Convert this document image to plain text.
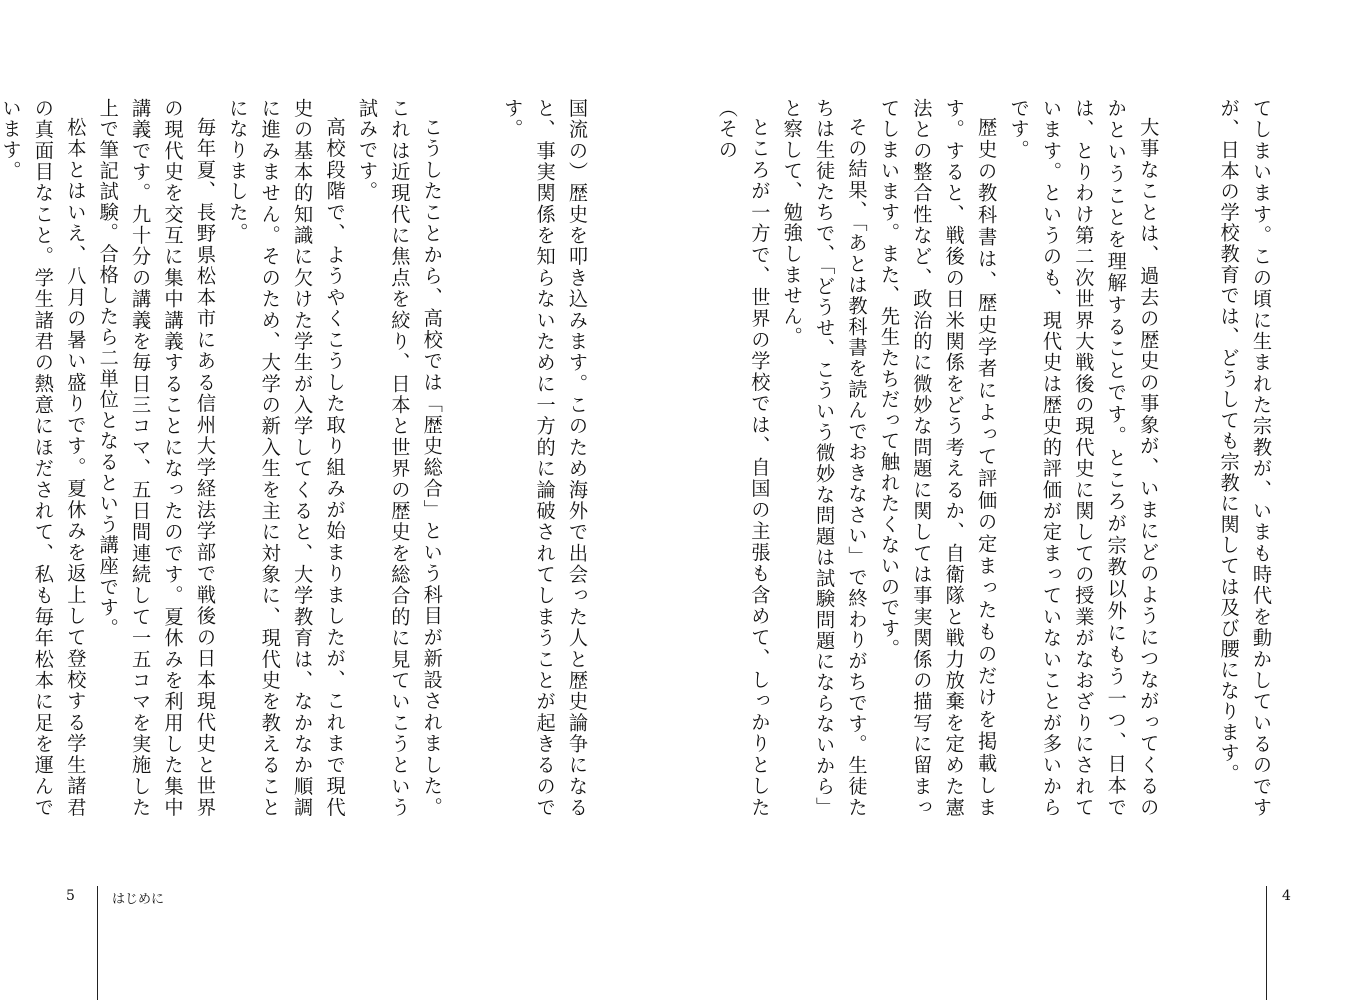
てしまいます。この頃に生まれた宗教が、いまも時代を動かしているのですが、日本の学校教育では、どうしても宗教に関しては及び腰になります。

大事なことは、過去の歴史の事象が、いまにどのようにつながってくるのかということを理解することです。ところが宗教以外にもう一つ、日本では、とりわけ第二次世界大戦後の現代史に関しての授業がなおざりにされています。というのも、現代史は歴史的評価が定まっていないことが多いからです。

歴史の教科書は、歴史学者によって評価の定まったものだけを掲載します。すると、戦後の日米関係をどう考えるか、自衛隊と戦力放棄を定めた憲法との整合性など、政治的に微妙な問題に関しては事実関係の描写に留まってしまいます。また、先生たちだって触れたくないのです。

その結果、「あとは教科書を読んでおきなさい」で終わりがちです。生徒たちは生徒たちで、「どうせ、こういう微妙な問題は試験問題にならないから」と察して、勉強しません。

ところが一方で、世界の学校では、自国の主張も含めて、しっかりとした（その

国流の）歴史を叩き込みます。このため海外で出会った人と歴史論争になると、事実関係を知らないために一方的に論破されてしまうことが起きるのです。

こうしたことから、高校では「歴史総合」という科目が新設されました。これは近現代に焦点を絞り、日本と世界の歴史を総合的に見ていこうという試みです。

高校段階で、ようやくこうした取り組みが始まりましたが、これまで現代史の基本的知識に欠けた学生が入学してくると、大学教育は、なかなか順調に進みません。そのため、大学の新入生を主に対象に、現代史を教えることになりました。

毎年夏、長野県松本市にある信州大学経法学部で戦後の日本現代史と世界の現代史を交互に集中講義することになったのです。夏休みを利用した集中講義です。九十分の講義を毎日三コマ、五日間連続して一五コマを実施した上で筆記試験。合格したら二単位となるという講座です。

松本とはいえ、八月の暑い盛りです。夏休みを返上して登校する学生諸君の真面目なこと。学生諸君の熱意にほだされて、私も毎年松本に足を運んでいます。

5	はじめに	4
